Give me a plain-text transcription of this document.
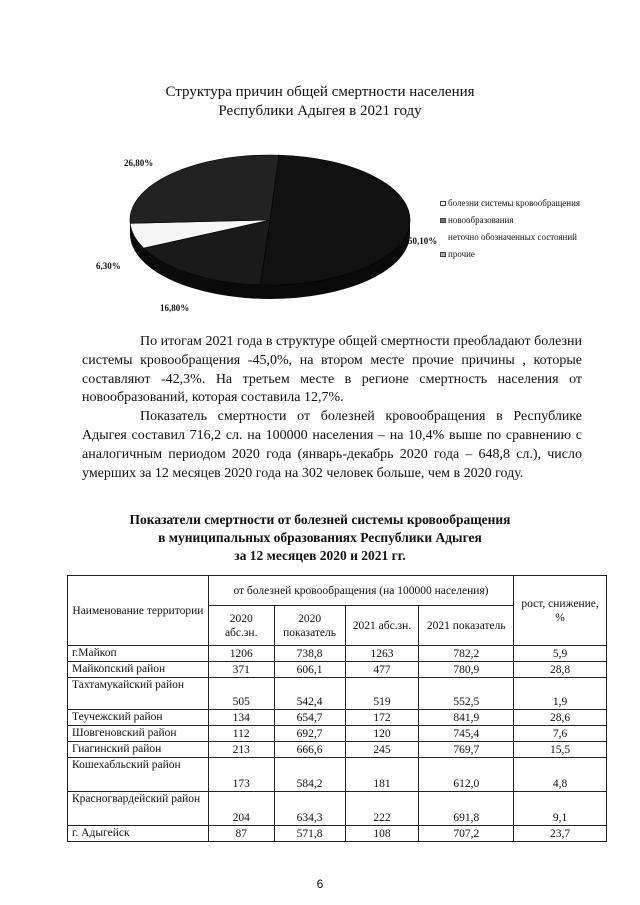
Структура причин общей смертности населения
Республики Адыгея в 2021 году
26,80%
50,10%
6,30%
16,80%
болезни системы кровообращения
новообразования
неточно обозначенных состояний
прочие

По итогам 2021 года в структуре общей смертности преобладают болезни системы кровообращения -45,0%, на втором месте прочие причины , которые составляют -42,3%. На третьем месте в регионе смертность населения от новообразований, которая составила 12,7%.

Показатель смертности от болезней кровообращения в Республике Адыгея составил 716,2 сл. на 100000 населения – на 10,4% выше по сравнению с аналогичным периодом 2020 года (январь-декабрь 2020 года – 648,8 сл.), число умерших за 12 месяцев 2020 года на 302 человек больше, чем в 2020 году.

Показатели смертности от болезней системы кровообращения
в муниципальных образованиях Республики Адыгея
за 12 месяцев 2020 и 2021 гг.
Наименование территории	от болезней кровообращения (на 100000 населения)				рост, снижение, %
	2020 абс.зн.	2020 показатель	2021 абс.зн.	2021 показатель	
г.Майкоп	1206	738,8	1263	782,2	5,9
Майкопский район	371	606,1	477	780,9	28,8
Тахтамукайский район	505	542,4	519	552,5	1,9
Теучежский район	134	654,7	172	841,9	28,6
Шовгеновский район	112	692,7	120	745,4	7,6
Гиагинский район	213	666,6	245	769,7	15,5
Кошехабльский район	173	584,2	181	612,0	4,8
Красногвардейский район	204	634,3	222	691,8	9,1
г. Адыгейск	87	571,8	108	707,2	23,7
6
